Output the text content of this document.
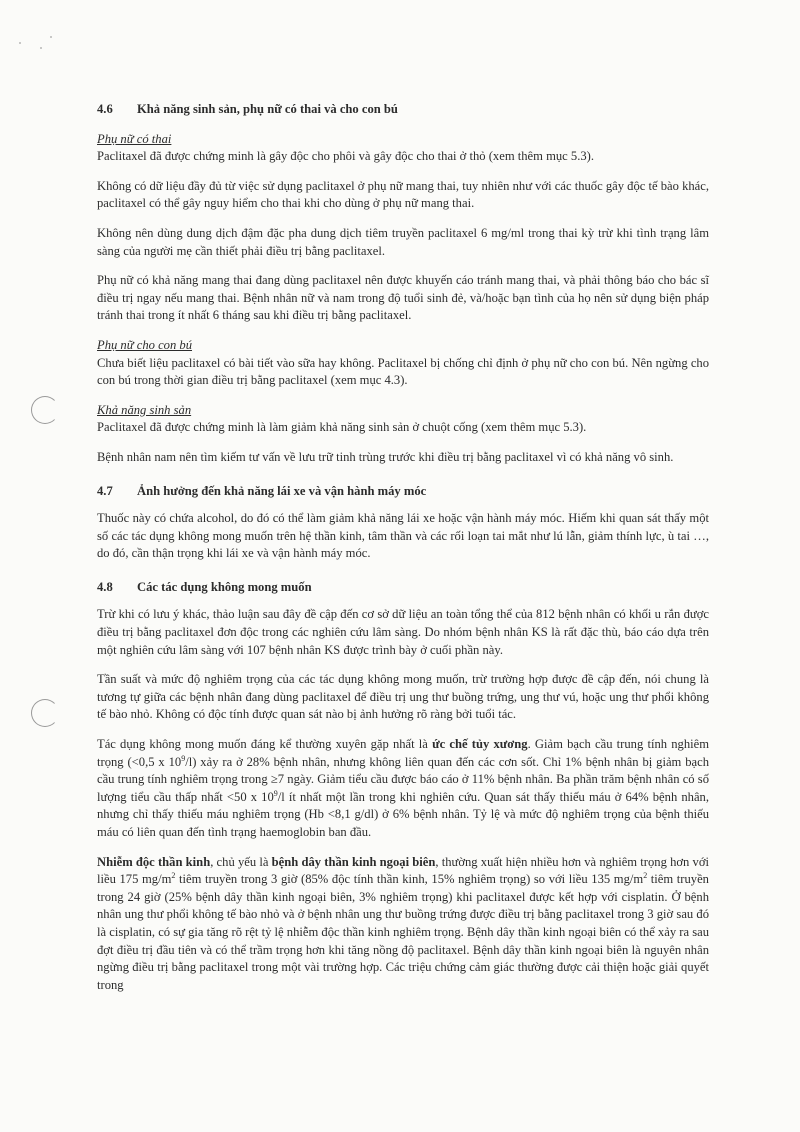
4.6	Khả năng sinh sản, phụ nữ có thai và cho con bú
Phụ nữ có thai

Paclitaxel đã được chứng minh là gây độc cho phôi và gây độc cho thai ở thỏ (xem thêm mục 5.3).

Không có dữ liệu đầy đủ từ việc sử dụng paclitaxel ở phụ nữ mang thai, tuy nhiên như với các thuốc gây độc tế bào khác, paclitaxel có thể gây nguy hiểm cho thai khi cho dùng ở phụ nữ mang thai.

Không nên dùng dung dịch đậm đặc pha dung dịch tiêm truyền paclitaxel 6 mg/ml trong thai kỳ trừ khi tình trạng lâm sàng của người mẹ cần thiết phải điều trị bằng paclitaxel.

Phụ nữ có khả năng mang thai đang dùng paclitaxel nên được khuyến cáo tránh mang thai, và phải thông báo cho bác sĩ điều trị ngay nếu mang thai. Bệnh nhân nữ và nam trong độ tuổi sinh đẻ, và/hoặc bạn tình của họ nên sử dụng biện pháp tránh thai trong ít nhất 6 tháng sau khi điều trị bằng paclitaxel.

Phụ nữ cho con bú

Chưa biết liệu paclitaxel có bài tiết vào sữa hay không. Paclitaxel bị chống chỉ định ở phụ nữ cho con bú. Nên ngừng cho con bú trong thời gian điều trị bằng paclitaxel (xem mục 4.3).

Khả năng sinh sản

Paclitaxel đã được chứng minh là làm giảm khả năng sinh sản ở chuột cống (xem thêm mục 5.3).

Bệnh nhân nam nên tìm kiếm tư vấn về lưu trữ tinh trùng trước khi điều trị bằng paclitaxel vì có khả năng vô sinh.

4.7	Ảnh hưởng đến khả năng lái xe và vận hành máy móc

Thuốc này có chứa alcohol, do đó có thể làm giảm khả năng lái xe hoặc vận hành máy móc. Hiếm khi quan sát thấy một số các tác dụng không mong muốn trên hệ thần kinh, tâm thần và các rối loạn tai mắt như lú lẫn, giảm thính lực, ù tai …, do đó, cần thận trọng khi lái xe và vận hành máy móc.

4.8	Các tác dụng không mong muốn

Trừ khi có lưu ý khác, thảo luận sau đây đề cập đến cơ sở dữ liệu an toàn tổng thể của 812 bệnh nhân có khối u rắn được điều trị bằng paclitaxel đơn độc trong các nghiên cứu lâm sàng. Do nhóm bệnh nhân KS là rất đặc thù, báo cáo dựa trên một nghiên cứu lâm sàng với 107 bệnh nhân KS được trình bày ở cuối phần này.

Tần suất và mức độ nghiêm trọng của các tác dụng không mong muốn, trừ trường hợp được đề cập đến, nói chung là tương tự giữa các bệnh nhân đang dùng paclitaxel để điều trị ung thư buồng trứng, ung thư vú, hoặc ung thư phổi không tế bào nhỏ. Không có độc tính được quan sát nào bị ảnh hưởng rõ ràng bởi tuổi tác.

Tác dụng không mong muốn đáng kể thường xuyên gặp nhất là ức chế tủy xương. Giảm bạch cầu trung tính nghiêm trọng (<0,5 x $10^9/l$) xảy ra ở 28% bệnh nhân, nhưng không liên quan đến các cơn sốt. Chỉ 1% bệnh nhân bị giảm bạch cầu trung tính nghiêm trọng trong ≥7 ngày. Giảm tiểu cầu được báo cáo ở 11% bệnh nhân. Ba phần trăm bệnh nhân có số lượng tiểu cầu thấp nhất <50 x $10^9/l$ ít nhất một lần trong khi nghiên cứu. Quan sát thấy thiếu máu ở 64% bệnh nhân, nhưng chỉ thấy thiếu máu nghiêm trọng (Hb <8,1 g/dl) ở 6% bệnh nhân. Tỷ lệ và mức độ nghiêm trọng của bệnh thiếu máu có liên quan đến tình trạng haemoglobin ban đầu.

Nhiễm độc thần kinh, chủ yếu là bệnh dây thần kinh ngoại biên, thường xuất hiện nhiều hơn và nghiêm trọng hơn với liều 175 $mg/m^2$ tiêm truyền trong 3 giờ (85% độc tính thần kinh, 15% nghiêm trọng) so với liều 135 $mg/m^2$ tiêm truyền trong 24 giờ (25% bệnh dây thần kinh ngoại biên, 3% nghiêm trọng) khi paclitaxel được kết hợp với cisplatin. Ở bệnh nhân ung thư phổi không tế bào nhỏ và ở bệnh nhân ung thư buồng trứng được điều trị bằng paclitaxel trong 3 giờ sau đó là cisplatin, có sự gia tăng rõ rệt tỷ lệ nhiễm độc thần kinh nghiêm trọng. Bệnh dây thần kinh ngoại biên có thể xảy ra sau đợt điều trị đầu tiên và có thể trầm trọng hơn khi tăng nồng độ paclitaxel. Bệnh dây thần kinh ngoại biên là nguyên nhân ngừng điều trị bằng paclitaxel trong một vài trường hợp. Các triệu chứng cảm giác thường được cải thiện hoặc giải quyết trong
